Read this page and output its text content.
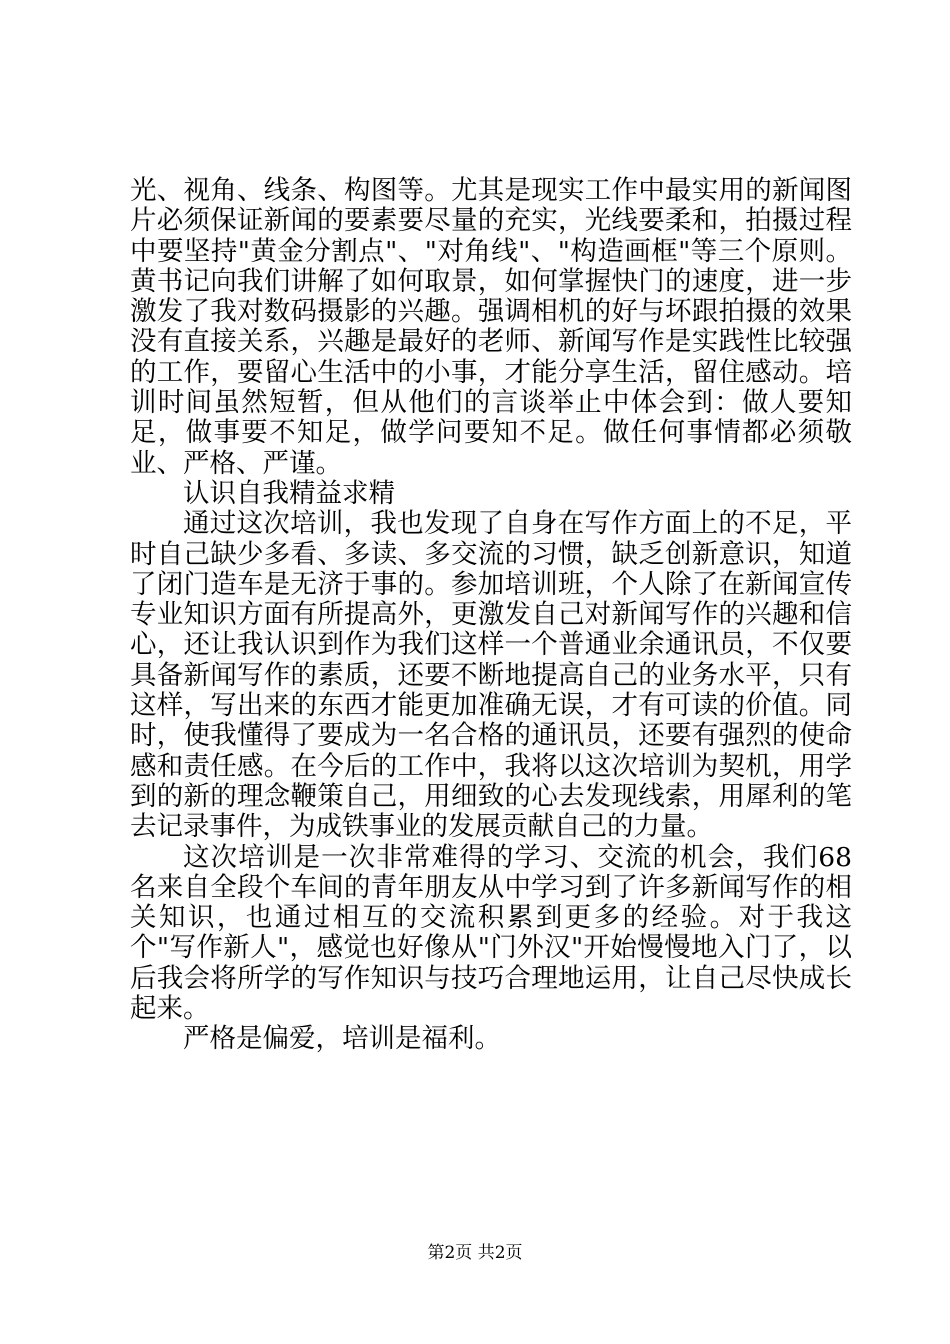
光、视角、线条、构图等。尤其是现实工作中最实用的新闻图片必须保证新闻的要素要尽量的充实，光线要柔和，拍摄过程中要坚持"黄金分割点"、"对角线"、"构造画框"等三个原则。黄书记向我们讲解了如何取景，如何掌握快门的速度，进一步激发了我对数码摄影的兴趣。强调相机的好与坏跟拍摄的效果没有直接关系，兴趣是最好的老师、新闻写作是实践性比较强的工作，要留心生活中的小事，才能分享生活，留住感动。培训时间虽然短暂，但从他们的言谈举止中体会到：做人要知足，做事要不知足，做学问要知不足。做任何事情都必须敬业、严格、严谨。

认识自我精益求精

通过这次培训，我也发现了自身在写作方面上的不足，平时自己缺少多看、多读、多交流的习惯，缺乏创新意识，知道了闭门造车是无济于事的。参加培训班，个人除了在新闻宣传专业知识方面有所提高外，更激发自己对新闻写作的兴趣和信心，还让我认识到作为我们这样一个普通业余通讯员，不仅要具备新闻写作的素质，还要不断地提高自己的业务水平，只有这样，写出来的东西才能更加准确无误，才有可读的价值。同时，使我懂得了要成为一名合格的通讯员，还要有强烈的使命感和责任感。在今后的工作中，我将以这次培训为契机，用学到的新的理念鞭策自己，用细致的心去发现线索，用犀利的笔去记录事件，为成铁事业的发展贡献自己的力量。

这次培训是一次非常难得的学习、交流的机会，我们68名来自全段个车间的青年朋友从中学习到了许多新闻写作的相关知识，也通过相互的交流积累到更多的经验。对于我这个"写作新人"，感觉也好像从"门外汉"开始慢慢地入门了，以后我会将所学的写作知识与技巧合理地运用，让自己尽快成长起来。

严格是偏爱，培训是福利。

第2页 共2页
